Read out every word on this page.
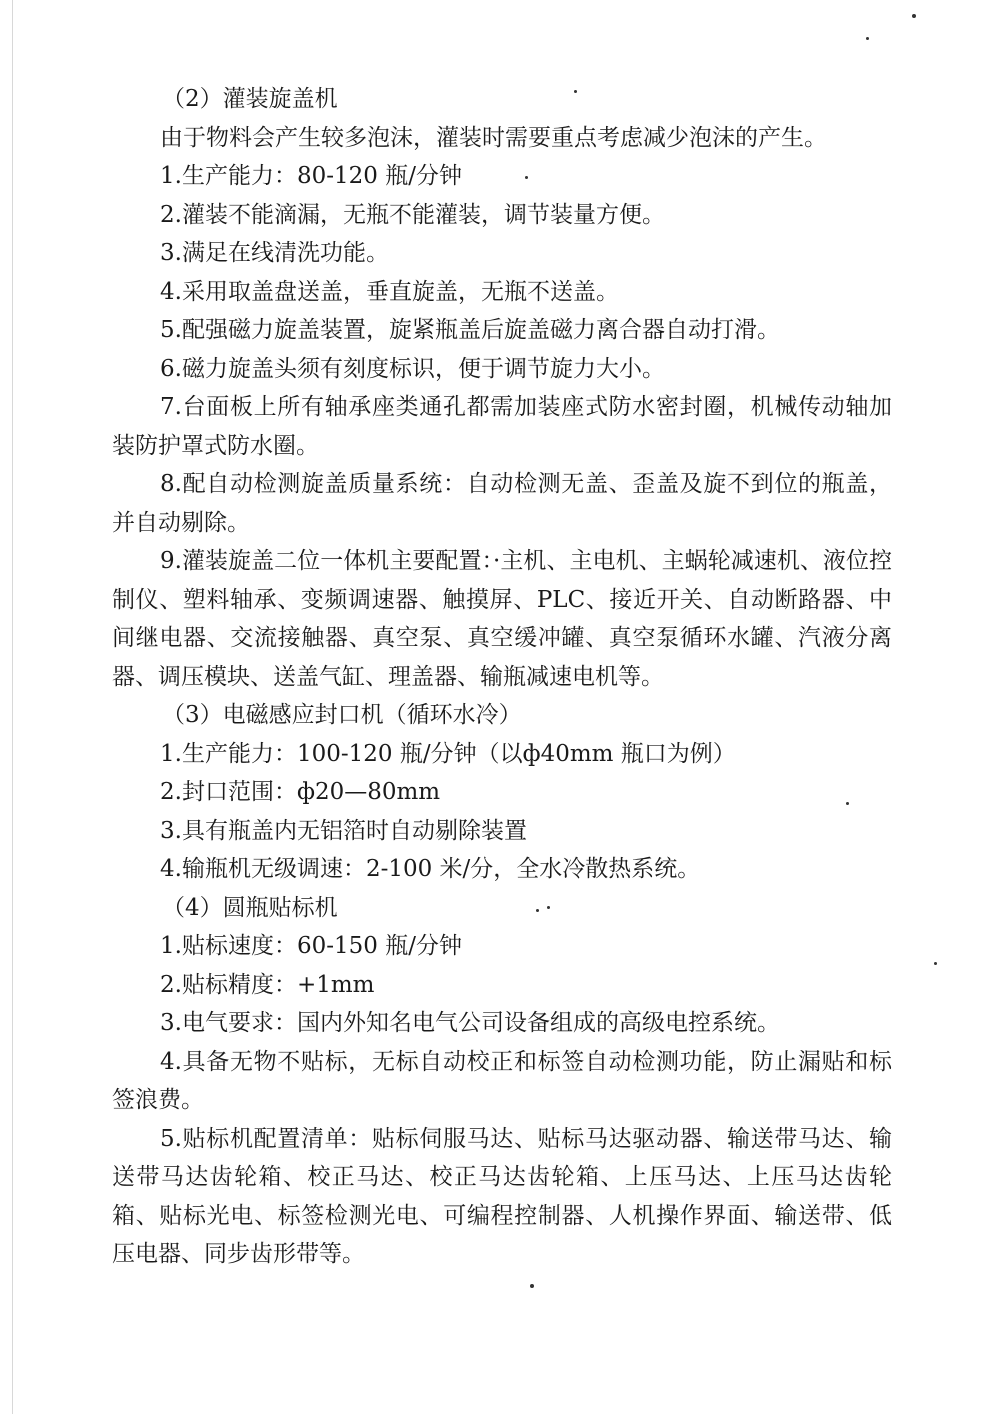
（2）灌装旋盖机
由于物料会产生较多泡沫，灌装时需要重点考虑减少泡沫的产生。
1.生产能力：80-120 瓶/分钟
2.灌装不能滴漏，无瓶不能灌装，调节装量方便。
3.满足在线清洗功能。
4.采用取盖盘送盖，垂直旋盖，无瓶不送盖。
5.配强磁力旋盖装置，旋紧瓶盖后旋盖磁力离合器自动打滑。
6.磁力旋盖头须有刻度标识，便于调节旋力大小。
7.台面板上所有轴承座类通孔都需加装座式防水密封圈，机械传动轴加装防护罩式防水圈。
8.配自动检测旋盖质量系统：自动检测无盖、歪盖及旋不到位的瓶盖，并自动剔除。
9.灌装旋盖二位一体机主要配置：·主机、主电机、主蜗轮减速机、液位控制仪、塑料轴承、变频调速器、触摸屏、PLC、接近开关、自动断路器、中间继电器、交流接触器、真空泵、真空缓冲罐、真空泵循环水罐、汽液分离器、调压模块、送盖气缸、理盖器、输瓶减速电机等。
（3）电磁感应封口机（循环水冷）
1.生产能力：100-120 瓶/分钟（以ф40mm 瓶口为例）
2.封口范围：ф20—80mm
3.具有瓶盖内无铝箔时自动剔除装置
4.输瓶机无级调速：2-100 米/分，全水冷散热系统。
（4）圆瓶贴标机
1.贴标速度：60-150 瓶/分钟
2.贴标精度：+1mm
3.电气要求：国内外知名电气公司设备组成的高级电控系统。
4.具备无物不贴标，无标自动校正和标签自动检测功能，防止漏贴和标签浪费。
5.贴标机配置清单：贴标伺服马达、贴标马达驱动器、输送带马达、输送带马达齿轮箱、校正马达、校正马达齿轮箱、上压马达、上压马达齿轮箱、贴标光电、标签检测光电、可编程控制器、人机操作界面、输送带、低压电器、同步齿形带等。
